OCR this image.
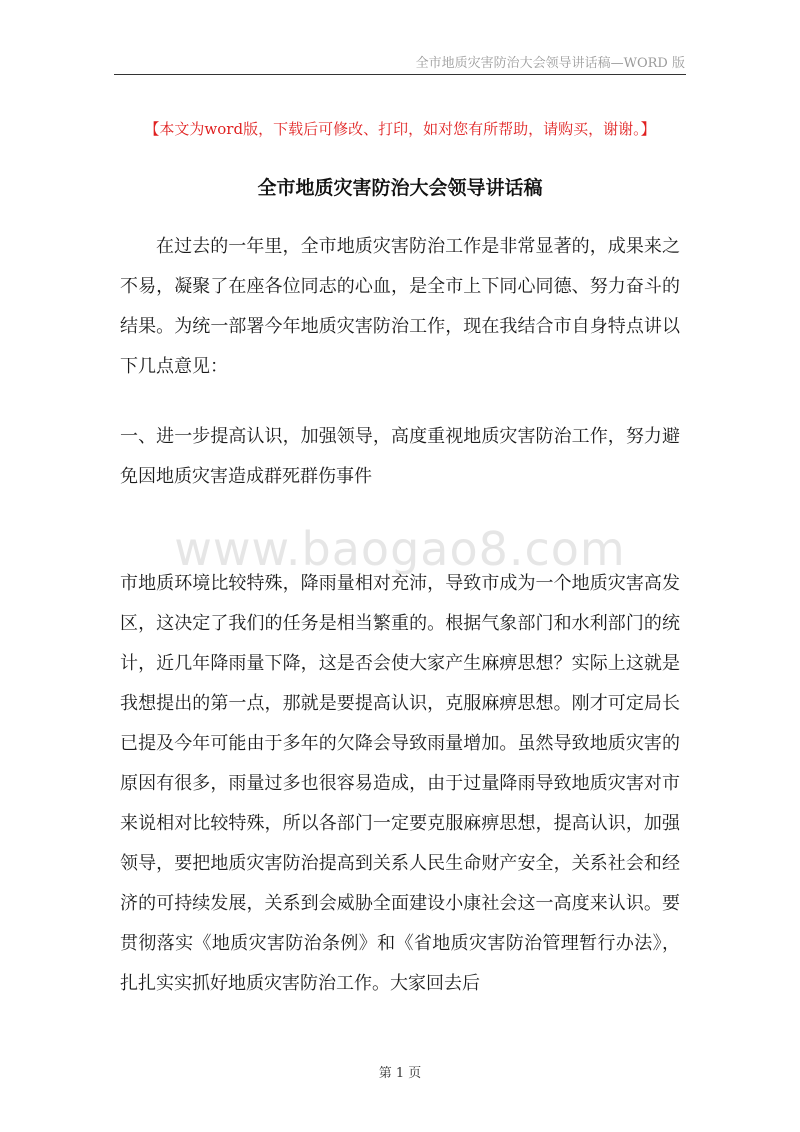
全市地质灾害防治大会领导讲话稿—WORD 版
【本文为word版，下载后可修改、打印，如对您有所帮助，请购买，谢谢。】
全市地质灾害防治大会领导讲话稿

在过去的一年里，全市地质灾害防治工作是非常显著的，成果来之不易，凝聚了在座各位同志的心血，是全市上下同心同德、努力奋斗的结果。为统一部署今年地质灾害防治工作，现在我结合市自身特点讲以下几点意见：

一、进一步提高认识，加强领导，高度重视地质灾害防治工作，努力避免因地质灾害造成群死群伤事件

www.baogao8.com

市地质环境比较特殊，降雨量相对充沛，导致市成为一个地质灾害高发区，这决定了我们的任务是相当繁重的。根据气象部门和水利部门的统计，近几年降雨量下降，这是否会使大家产生麻痹思想？实际上这就是我想提出的第一点，那就是要提高认识，克服麻痹思想。刚才可定局长已提及今年可能由于多年的欠降会导致雨量增加。虽然导致地质灾害的原因有很多，雨量过多也很容易造成，由于过量降雨导致地质灾害对市来说相对比较特殊，所以各部门一定要克服麻痹思想，提高认识，加强领导，要把地质灾害防治提高到关系人民生命财产安全，关系社会和经济的可持续发展，关系到会威胁全面建设小康社会这一高度来认识。要贯彻落实《地质灾害防治条例》和《省地质灾害防治管理暂行办法》，扎扎实实抓好地质灾害防治工作。大家回去后

第 1 页
